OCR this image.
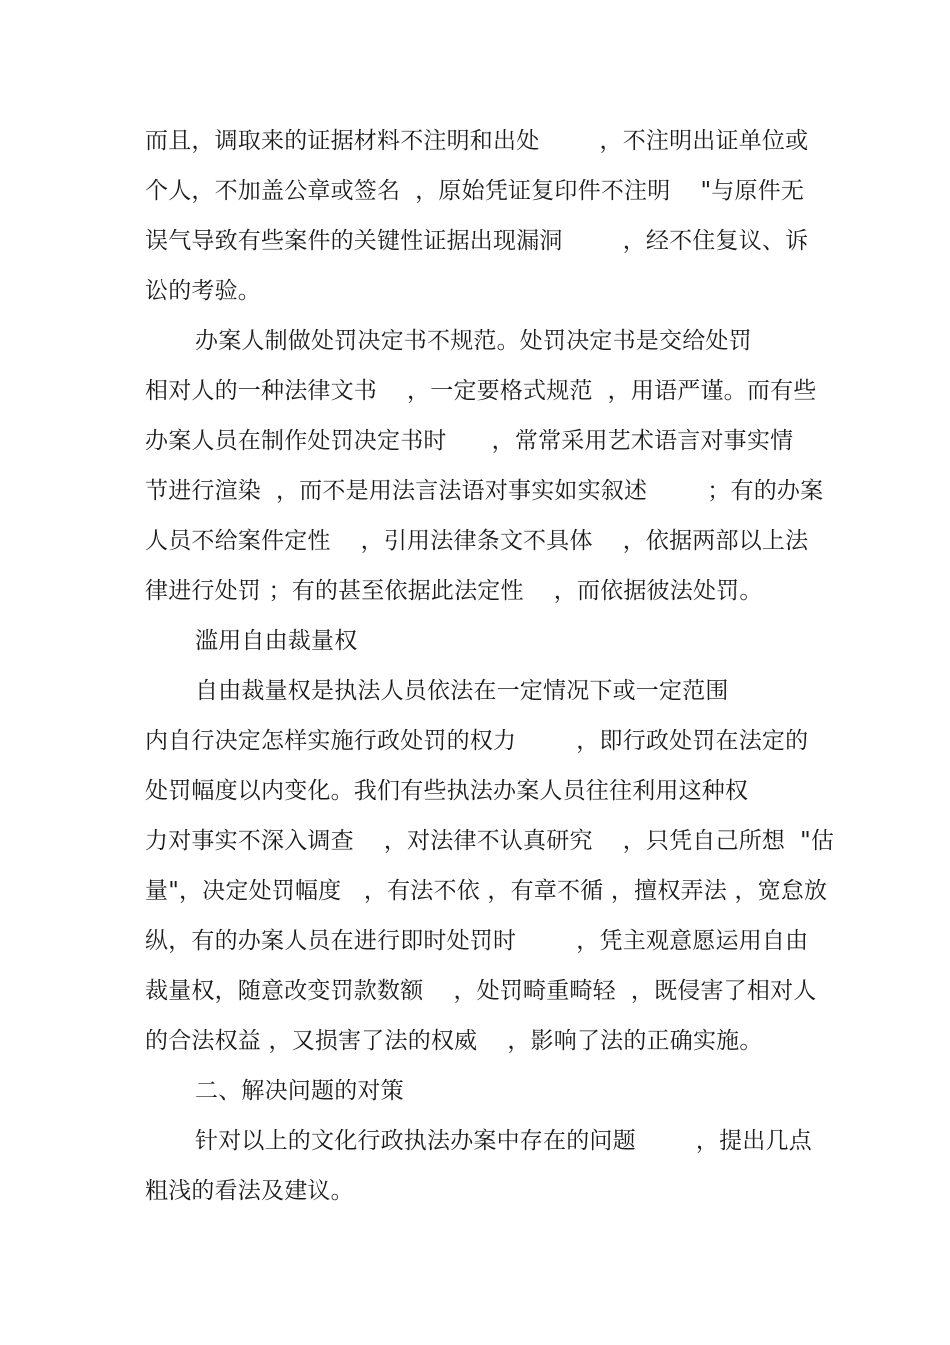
而且，调取来的证据材料不注明和出处        ，不注明出证单位或
个人，不加盖公章或签名  ，原始凭证复印件不注明    "与原件无
误气导致有些案件的关键性证据出现漏洞        ，经不住复议、诉
讼的考验。
办案人制做处罚决定书不规范。处罚决定书是交给处罚
相对人的一种法律文书    ，一定要格式规范  ，用语严谨。而有些
办案人员在制作处罚决定书时      ，常常采用艺术语言对事实情
节进行渲染  ，而不是用法言法语对事实如实叙述        ；有的办案
人员不给案件定性    ，引用法律条文不具体    ，依据两部以上法
律进行处罚 ；有的甚至依据此法定性    ，而依据彼法处罚。
滥用自由裁量权
自由裁量权是执法人员依法在一定情况下或一定范围
内自行决定怎样实施行政处罚的权力        ，即行政处罚在法定的
处罚幅度以内变化。我们有些执法办案人员往往利用这种权
力对事实不深入调查    ，对法律不认真研究    ，只凭自己所想  "估
量"，决定处罚幅度   ，有法不依 ，有章不循 ，擅权弄法 ，宽怠放
纵，有的办案人员在进行即时处罚时        ，凭主观意愿运用自由
裁量权，随意改变罚款数额    ，处罚畸重畸轻  ，既侵害了相对人
的合法权益 ，又损害了法的权威    ，影响了法的正确实施。
二、解决问题的对策
针对以上的文化行政执法办案中存在的问题        ，提出几点
粗浅的看法及建议。
